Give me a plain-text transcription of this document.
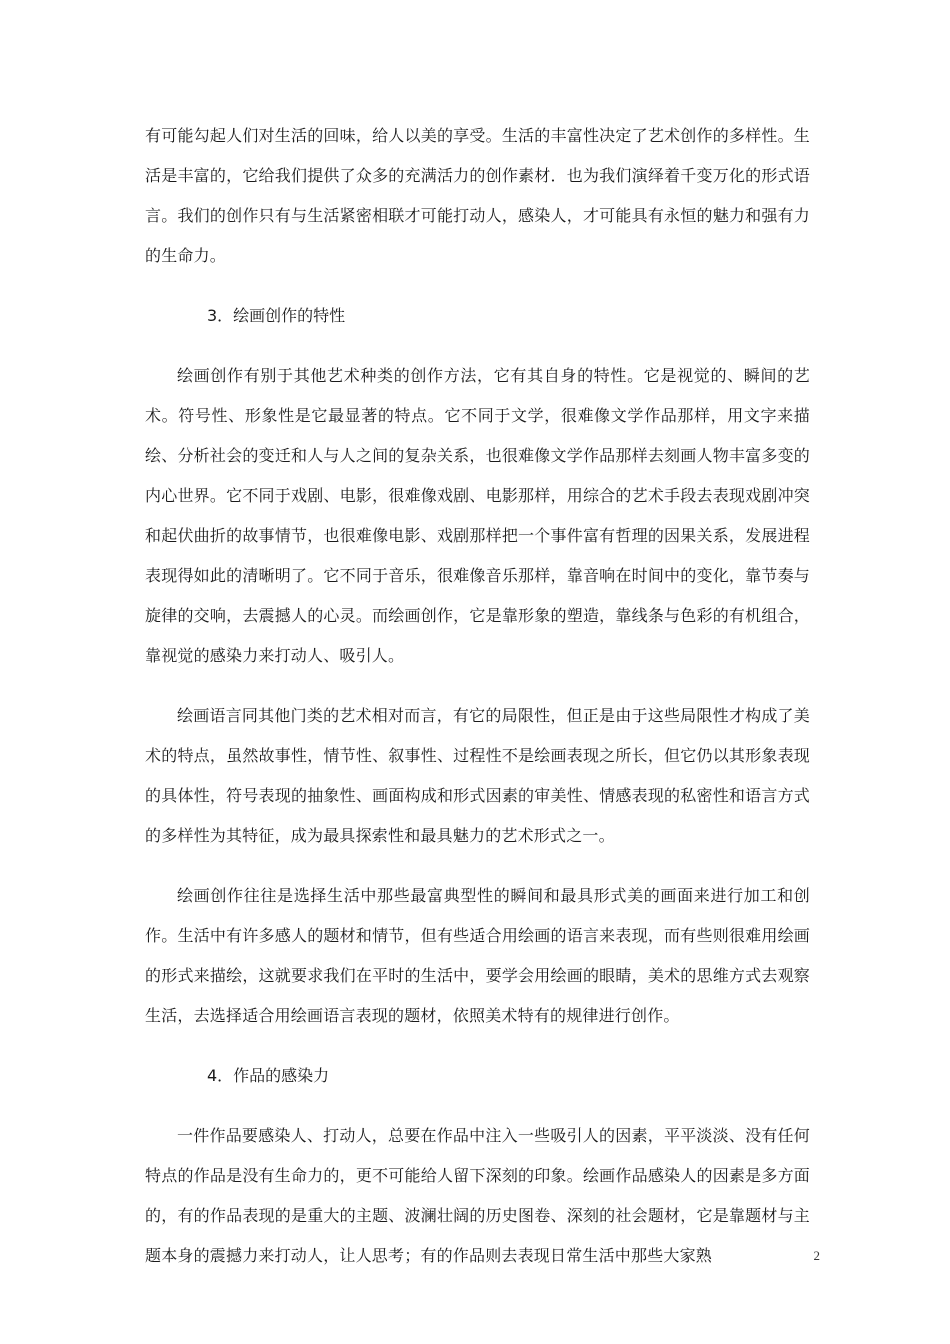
有可能勾起人们对生活的回味，给人以美的享受。生活的丰富性决定了艺术创作的多样性。生活是丰富的，它给我们提供了众多的充满活力的创作素材．也为我们演绎着千变万化的形式语言。我们的创作只有与生活紧密相联才可能打动人，感染人，才可能具有永恒的魅力和强有力的生命力。

3．绘画创作的特性

绘画创作有别于其他艺术种类的创作方法，它有其自身的特性。它是视觉的、瞬间的艺术。符号性、形象性是它最显著的特点。它不同于文学，很难像文学作品那样，用文字来描绘、分析社会的变迁和人与人之间的复杂关系，也很难像文学作品那样去刻画人物丰富多变的内心世界。它不同于戏剧、电影，很难像戏剧、电影那样，用综合的艺术手段去表现戏剧冲突和起伏曲折的故事情节，也很难像电影、戏剧那样把一个事件富有哲理的因果关系，发展进程表现得如此的清晰明了。它不同于音乐，很难像音乐那样，靠音响在时间中的变化，靠节奏与旋律的交响，去震撼人的心灵。而绘画创作，它是靠形象的塑造，靠线条与色彩的有机组合，靠视觉的感染力来打动人、吸引人。

绘画语言同其他门类的艺术相对而言，有它的局限性，但正是由于这些局限性才构成了美术的特点，虽然故事性，情节性、叙事性、过程性不是绘画表现之所长，但它仍以其形象表现的具体性，符号表现的抽象性、画面构成和形式因素的审美性、情感表现的私密性和语言方式的多样性为其特征，成为最具探索性和最具魅力的艺术形式之一。

绘画创作往往是选择生活中那些最富典型性的瞬间和最具形式美的画面来进行加工和创作。生活中有许多感人的题材和情节，但有些适合用绘画的语言来表现，而有些则很难用绘画的形式来描绘，这就要求我们在平时的生活中，要学会用绘画的眼睛，美术的思维方式去观察生活，去选择适合用绘画语言表现的题材，依照美术特有的规律进行创作。

4．作品的感染力

一件作品要感染人、打动人，总要在作品中注入一些吸引人的因素，平平淡淡、没有任何特点的作品是没有生命力的，更不可能给人留下深刻的印象。绘画作品感染人的因素是多方面的，有的作品表现的是重大的主题、波澜壮阔的历史图卷、深刻的社会题材，它是靠题材与主题本身的震撼力来打动人，让人思考；有的作品则去表现日常生活中那些大家熟	2
